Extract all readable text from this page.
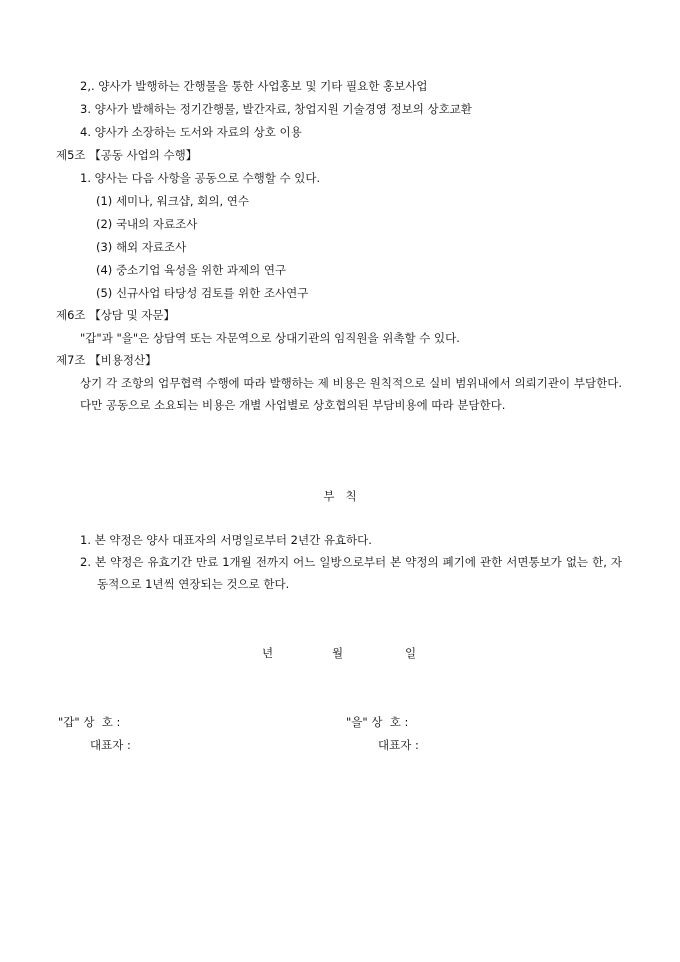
2,. 양사가 발행하는 간행물을 통한 사업홍보 및 기타 필요한 홍보사업
3. 양사가 발해하는 정기간행물, 발간자료, 창업지원 기술경영 정보의 상호교환
4. 양사가 소장하는 도서와 자료의 상호 이용
제5조 【공동 사업의 수행】
1. 양사는 다음 사항을 공동으로 수행할 수 있다.
(1) 세미나, 워크샵, 회의, 연수
(2) 국내의 자료조사
(3) 해외 자료조사
(4) 중소기업 육성을 위한 과제의 연구
(5) 신규사업 타당성 검토를 위한 조사연구
제6조 【상담 및 자문】
"갑"과 "을"은 상담역 또는 자문역으로 상대기관의 임직원을 위촉할 수 있다.
제7조 【비용정산】
상기 각 조항의 업무협력 수행에 따라 발행하는 제 비용은 원칙적으로 실비 범위내에서 의뢰기관이 부담한다. 다만 공동으로 소요되는 비용은 개별 사업별로 상호협의된 부담비용에 따라 분담한다.
부   칙
1. 본 약정은 양사 대표자의 서명일로부터 2년간 유효하다.
2. 본 약정은 유효기간 만료 1개월 전까지 어느 일방으로부터 본 약정의 폐기에 관한 서면통보가 없는 한, 자동적으로 1년씩 연장되는 것으로 한다.
년	월	일
"갑" 상  호 :
대표자 :
"을" 상  호 :
대표자 :
